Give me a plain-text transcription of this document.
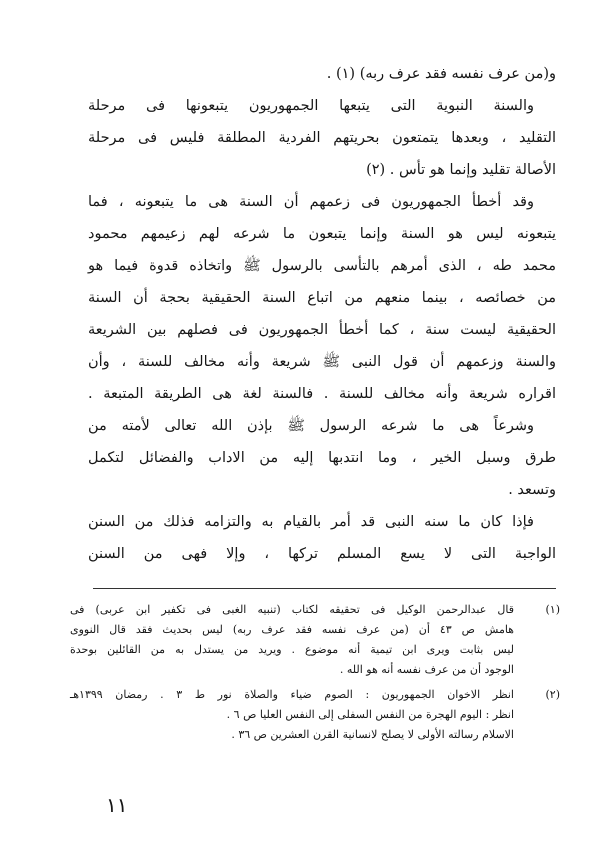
و(من عرف نفسه فقد عرف ربه) (١) .
والسنة النبوية التى يتبعها الجمهوريون يتبعونها فى مرحلة
التقليد ، وبعدها يتمتعون بحريتهم الفردية المطلقة فليس فى مرحلة
الأصالة تقليد وإنما هو تأس . (٢)
وقد أخطأ الجمهوريون فى زعمهم أن السنة هى ما يتبعونه ، فما
يتبعونه ليس هو السنة وإنما يتبعون ما شرعه لهم زعيمهم محمود
محمد طه ، الذى أمرهم بالتأسى بالرسول ﷺ واتخاذه قدوة فيما هو
من خصائصه ، بينما منعهم من اتباع السنة الحقيقية بحجة أن السنة
الحقيقية ليست سنة ، كما أخطأ الجمهوريون فى فصلهم بين الشريعة
والسنة وزعمهم أن قول النبى ﷺ شريعة وأنه مخالف للسنة ، وأن
اقراره شريعة وأنه مخالف للسنة . فالسنة لغة هى الطريقة المتبعة .
وشرعاً هى ما شرعه الرسول ﷺ بإذن الله تعالى لأمته من
طرق وسبل الخير ، وما انتدبها إليه من الاداب والفضائل لتكمل
وتسعد .
فإذا كان ما سنه النبى قد أمر بالقيام به والتزامه فذلك من السنن
الواجبة التى لا يسع المسلم تركها ، وإلا فهى من السنن
(١)
قال عبدالرحمن الوكيل فى تحقيقه لكتاب (تنبيه الغبى فى تكفير ابن عربى) فى
هامش ص ٤٣ أن (من عرف نفسه فقد عرف ربه) ليس بحديث فقد قال النووى
ليس بثابت ويرى ابن تيمية أنه موضوع . ويريد من يستدل به من القائلين بوحدة
الوجود أن من عرف نفسه أنه هو الله .
(٢)
انظر الاخوان الجمهوريون : الصوم ضياء والصلاة نور ط ٣ . رمضان ١٣٩٩هـ
انظر : اليوم الهجرة من النفس السفلى إلى النفس العليا ص ٦ .
الاسلام رسالته الأولى لا يصلح لانسانية القرن العشرين ص ٣٦ .
١١
